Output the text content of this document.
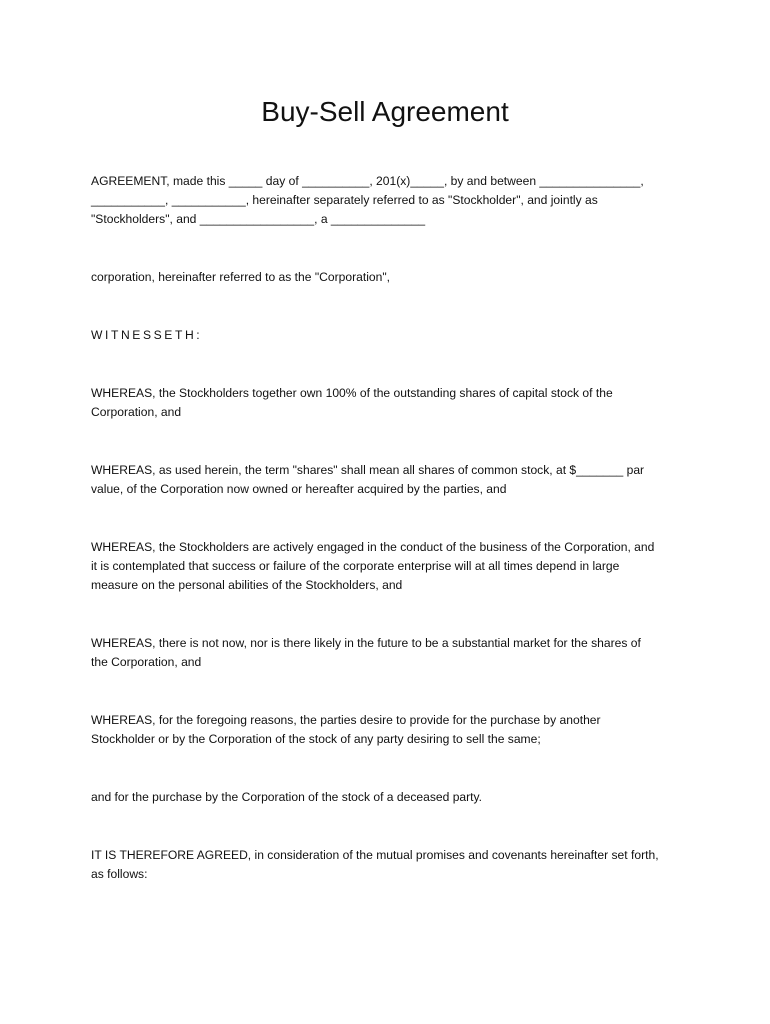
Buy-Sell Agreement

AGREEMENT, made this _____ day of __________, 201(x)_____, by and between _______________,
___________, ___________, hereinafter separately referred to as "Stockholder", and jointly as
"Stockholders", and _________________, a ______________

corporation, hereinafter referred to as the "Corporation",

WITNESSETH:

WHEREAS, the Stockholders together own 100% of the outstanding shares of capital stock of the
Corporation, and

WHEREAS, as used herein, the term "shares" shall mean all shares of common stock, at $_______ par
value, of the Corporation now owned or hereafter acquired by the parties, and

WHEREAS, the Stockholders are actively engaged in the conduct of the business of the Corporation, and
it is contemplated that success or failure of the corporate enterprise will at all times depend in large
measure on the personal abilities of the Stockholders, and

WHEREAS, there is not now, nor is there likely in the future to be a substantial market for the shares of
the Corporation, and

WHEREAS, for the foregoing reasons, the parties desire to provide for the purchase by another
Stockholder or by the Corporation of the stock of any party desiring to sell the same;

and for the purchase by the Corporation of the stock of a deceased party.

IT IS THEREFORE AGREED, in consideration of the mutual promises and covenants hereinafter set forth,
as follows:
